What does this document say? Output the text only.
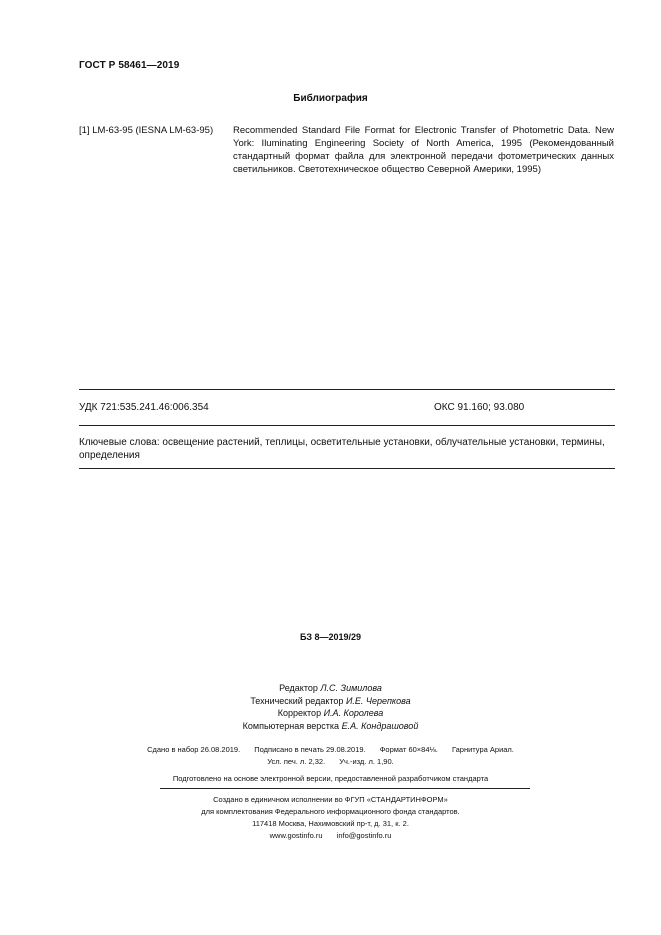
ГОСТ Р 58461—2019
Библиография
[1] LM-63-95 (IESNA LM-63-95) Recommended Standard File Format for Electronic Transfer of Photometric Data. New York: Iluminating Engineering Society of North America, 1995 (Рекомендованный стандартный формат файла для электронной передачи фотометрических данных светильников. Светотехническое общество Северной Америки, 1995)
УДК 721:535.241.46:006.354	ОКС 91.160; 93.080
Ключевые слова: освещение растений, теплицы, осветительные установки, облучательные установки, термины, определения
БЗ 8—2019/29
Редактор Л.С. Зимилова
Технический редактор И.Е. Черепкова
Корректор И.А. Королева
Компьютерная верстка Е.А. Кондрашовой
Сдано в набор 26.08.2019. Подписано в печать 29.08.2019. Формат 60×84⅛. Гарнитура Ариал.
Усл. печ. л. 2,32. Уч.-изд. л. 1,90.
Подготовлено на основе электронной версии, предоставленной разработчиком стандарта
Создано в единичном исполнении во ФГУП «СТАНДАРТИНФОРМ»
для комплектования Федерального информационного фонда стандартов.
117418 Москва, Нахимовский пр-т, д. 31, к. 2.
www.gostinfo.ru info@gostinfo.ru
